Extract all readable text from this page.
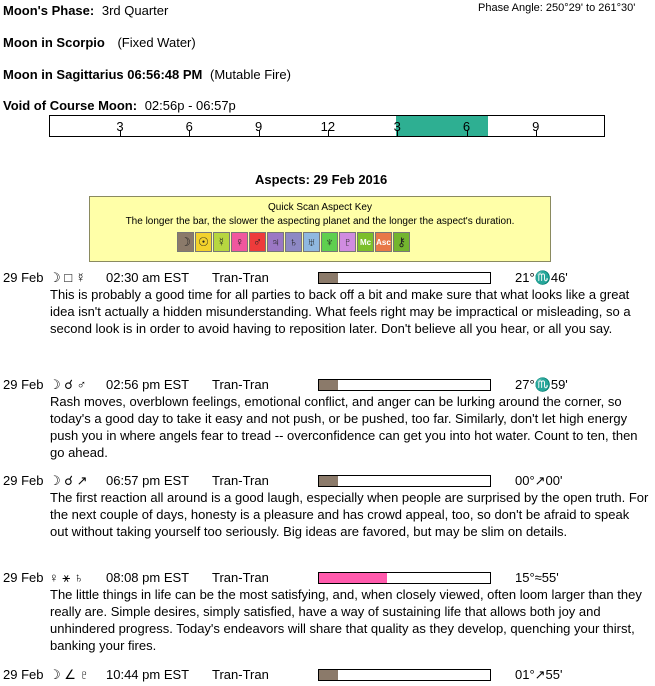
Moon's Phase: 3rd Quarter	Phase Angle: 250°29' to 261°30'
Moon in Scorpio (Fixed Water)
Moon in Sagittarius 06:56:48 PM (Mutable Fire)
Void of Course Moon: 02:56p - 06:57p
3	6	9	12	3	6	9
Aspects: 29 Feb 2016
Quick Scan Aspect Key
The longer the bar, the slower the aspecting planet and the longer the aspect's duration.
☽ ☉ ☿ ♀ ♂ ♃ ♄ ♅ ♆ ♇ Mc Asc ⚷
29 Feb ☽ □ ☿ 02:30 am EST Tran-Tran	21°♏46'
This is probably a good time for all parties to back off a bit and make sure that what looks like a great idea isn't actually a hidden misunderstanding. What feels right may be impractical or misleading, so a second look is in order to avoid having to reposition later. Don't believe all you hear, or all you say.
29 Feb ☽ ☌ ♂ 02:56 pm EST Tran-Tran	27°♏59'
Rash moves, overblown feelings, emotional conflict, and anger can be lurking around the corner, so today's a good day to take it easy and not push, or be pushed, too far. Similarly, don't let high energy push you in where angels fear to tread -- overconfidence can get you into hot water. Count to ten, then go ahead.
29 Feb ☽ ☌ ↗ 06:57 pm EST Tran-Tran	00°↗00'
The first reaction all around is a good laugh, especially when people are surprised by the open truth. For the next couple of days, honesty is a pleasure and has crowd appeal, too, so don't be afraid to speak out without taking yourself too seriously. Big ideas are favored, but may be slim on details.
29 Feb ♀ ⚹ ♄ 08:08 pm EST Tran-Tran	15°≈55'
The little things in life can be the most satisfying, and, when closely viewed, often loom larger than they really are. Simple desires, simply satisfied, have a way of sustaining life that allows both joy and unhindered progress. Today's endeavors will share that quality as they develop, quenching your thirst, banking your fires.
29 Feb ☽ ∠ ♇ 10:44 pm EST Tran-Tran	01°↗55'
